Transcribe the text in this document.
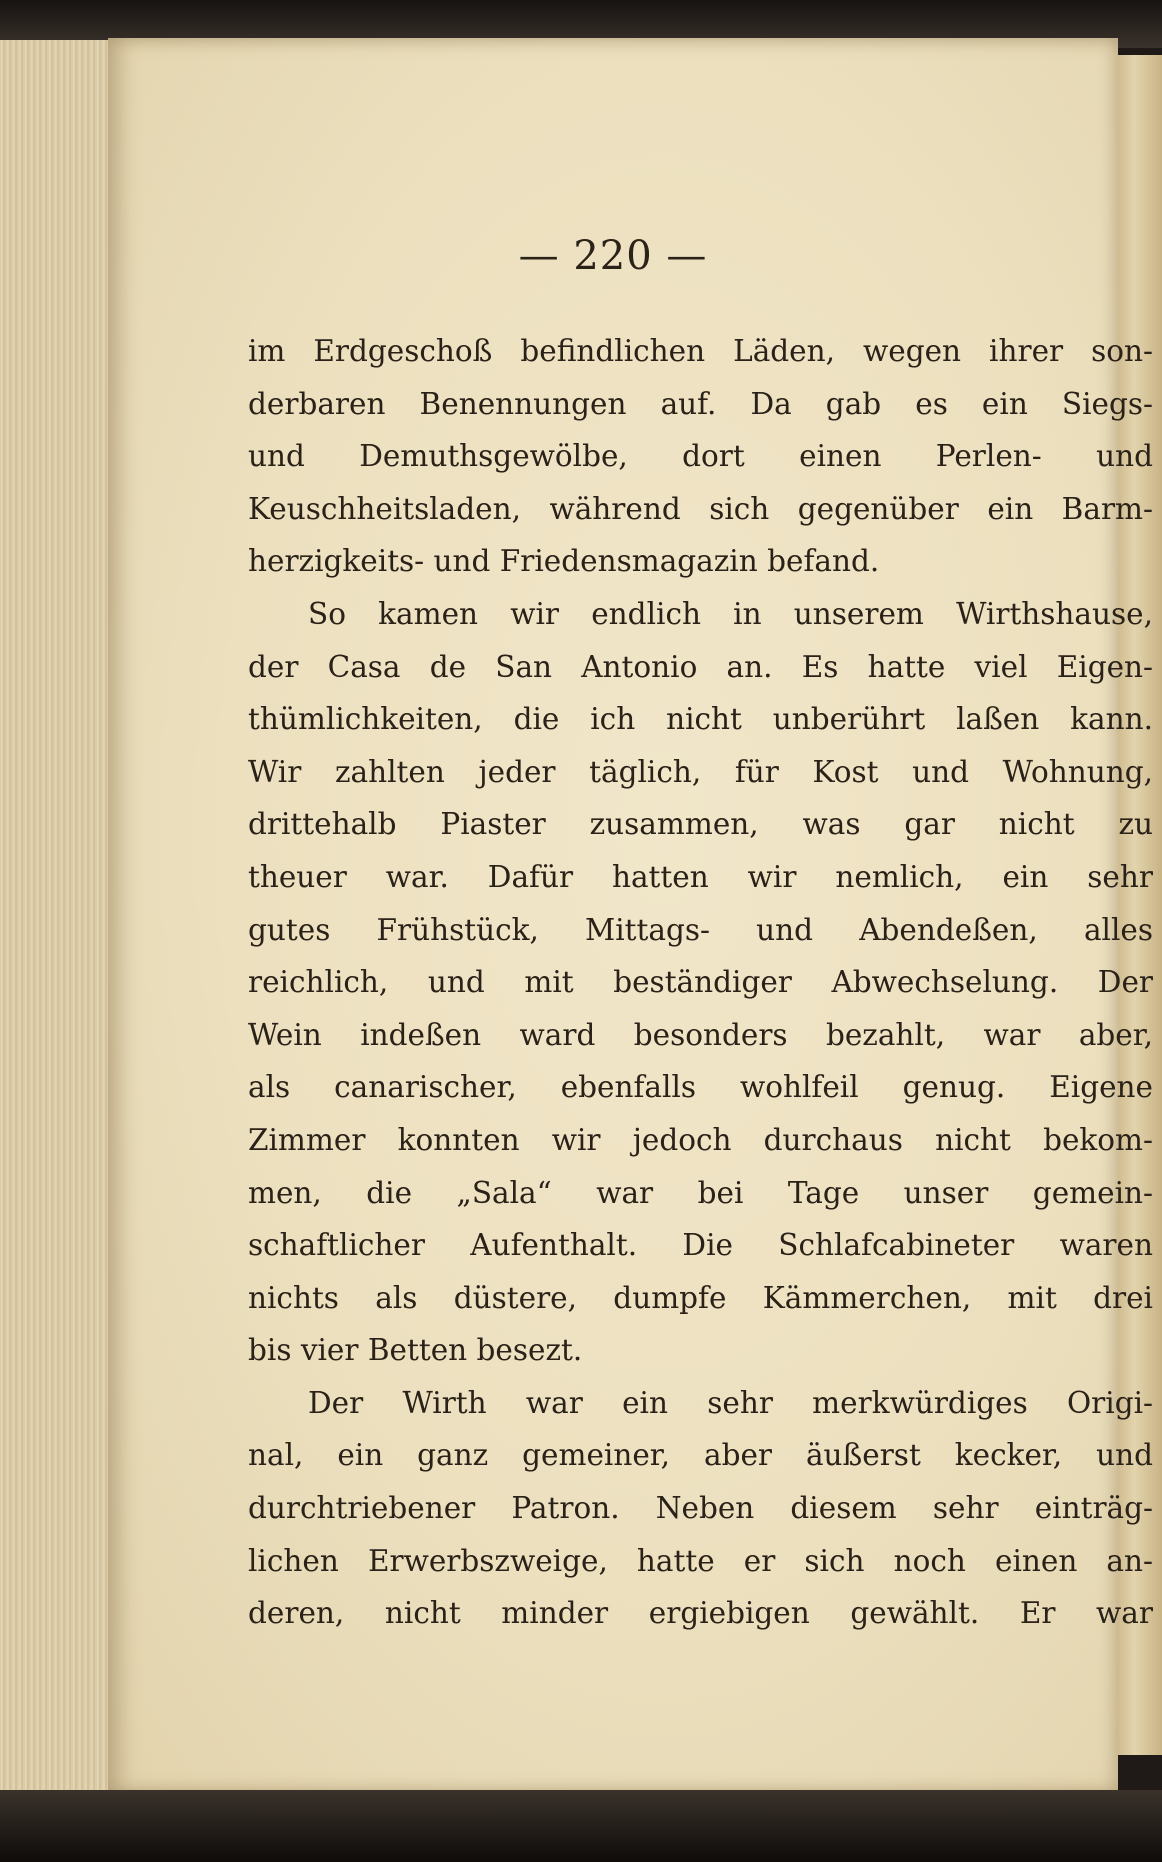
— 220 —
im Erdgeschoß befindlichen Läden, wegen ihrer son-
derbaren Benennungen auf. Da gab es ein Siegs-
und Demuthsgewölbe, dort einen Perlen- und
Keuschheitsladen, während sich gegenüber ein Barm-
herzigkeits- und Friedensmagazin befand.
So kamen wir endlich in unserem Wirthshause,
der Casa de San Antonio an. Es hatte viel Eigen-
thümlichkeiten, die ich nicht unberührt laßen kann.
Wir zahlten jeder täglich, für Kost und Wohnung,
drittehalb Piaster zusammen, was gar nicht zu
theuer war. Dafür hatten wir nemlich, ein sehr
gutes Frühstück, Mittags- und Abendeßen, alles
reichlich, und mit beständiger Abwechselung. Der
Wein indeßen ward besonders bezahlt, war aber,
als canarischer, ebenfalls wohlfeil genug. Eigene
Zimmer konnten wir jedoch durchaus nicht bekom-
men, die „Sala“ war bei Tage unser gemein-
schaftlicher Aufenthalt. Die Schlafcabineter waren
nichts als düstere, dumpfe Kämmerchen, mit drei
bis vier Betten besezt.
Der Wirth war ein sehr merkwürdiges Origi-
nal, ein ganz gemeiner, aber äußerst kecker, und
durchtriebener Patron. Neben diesem sehr einträg-
lichen Erwerbszweige, hatte er sich noch einen an-
deren, nicht minder ergiebigen gewählt. Er war
